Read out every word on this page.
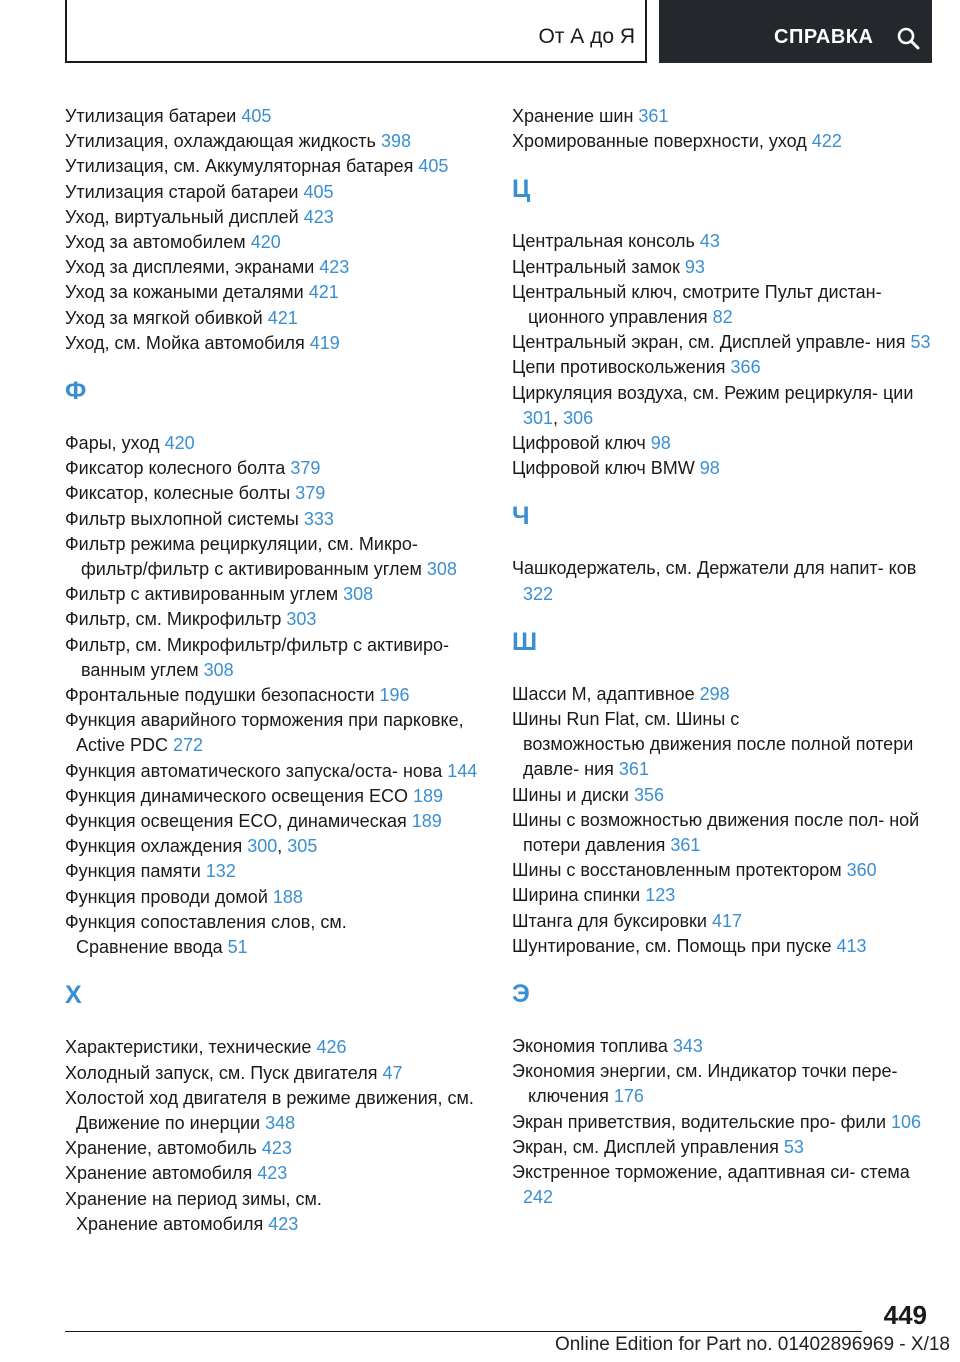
От А до Я	СПРАВКА
Утилизация батареи 405
Утилизация, охлаждающая жидкость 398
Утилизация, см. Аккумуляторная батарея 405
Утилизация старой батареи 405
Уход, виртуальный дисплей 423
Уход за автомобилем 420
Уход за дисплеями, экранами 423
Уход за кожаными деталями 421
Уход за мягкой обивкой 421
Уход, см. Мойка автомобиля 419
Ф
Фары, уход 420
Фиксатор колесного болта 379
Фиксатор, колесные болты 379
Фильтр выхлопной системы 333
Фильтр режима рециркуляции, см. Микро- фильтр/фильтр с активированным углем 308
Фильтр с активированным углем 308
Фильтр, см. Микрофильтр 303
Фильтр, см. Микрофильтр/фильтр с активиро- ванным углем 308
Фронтальные подушки безопасности 196
Функция аварийного торможения при парковке, Active PDC 272
Функция автоматического запуска/оста- нова 144
Функция динамического освещения ECO 189
Функция освещения ECO, динамическая 189
Функция охлаждения 300, 305
Функция памяти 132
Функция проводи домой 188
Функция сопоставления слов, см. Сравнение ввода 51
Х
Характеристики, технические 426
Холодный запуск, см. Пуск двигателя 47
Холостой ход двигателя в режиме движения, см. Движение по инерции 348
Хранение, автомобиль 423
Хранение автомобиля 423
Хранение на период зимы, см. Хранение автомобиля 423
Хранение шин 361
Хромированные поверхности, уход 422
Ц
Центральная консоль 43
Центральный замок 93
Центральный ключ, смотрите Пульт дистан- ционного управления 82
Центральный экран, см. Дисплей управле- ния 53
Цепи противоскольжения 366
Циркуляция воздуха, см. Режим рециркуля- ции 301, 306
Цифровой ключ 98
Цифровой ключ BMW 98
Ч
Чашкодержатель, см. Держатели для напит- ков 322
Ш
Шасси M, адаптивное 298
Шины Run Flat, см. Шины с возможностью движения после полной потери давле- ния 361
Шины и диски 356
Шины с возможностью движения после пол- ной потери давления 361
Шины с восстановленным протектором 360
Ширина спинки 123
Штанга для буксировки 417
Шунтирование, см. Помощь при пуске 413
Э
Экономия топлива 343
Экономия энергии, см. Индикатор точки пере- ключения 176
Экран приветствия, водительские про- фили 106
Экран, см. Дисплей управления 53
Экстренное торможение, адаптивная си- стема 242
449
Online Edition for Part no. 01402896969 - X/18
